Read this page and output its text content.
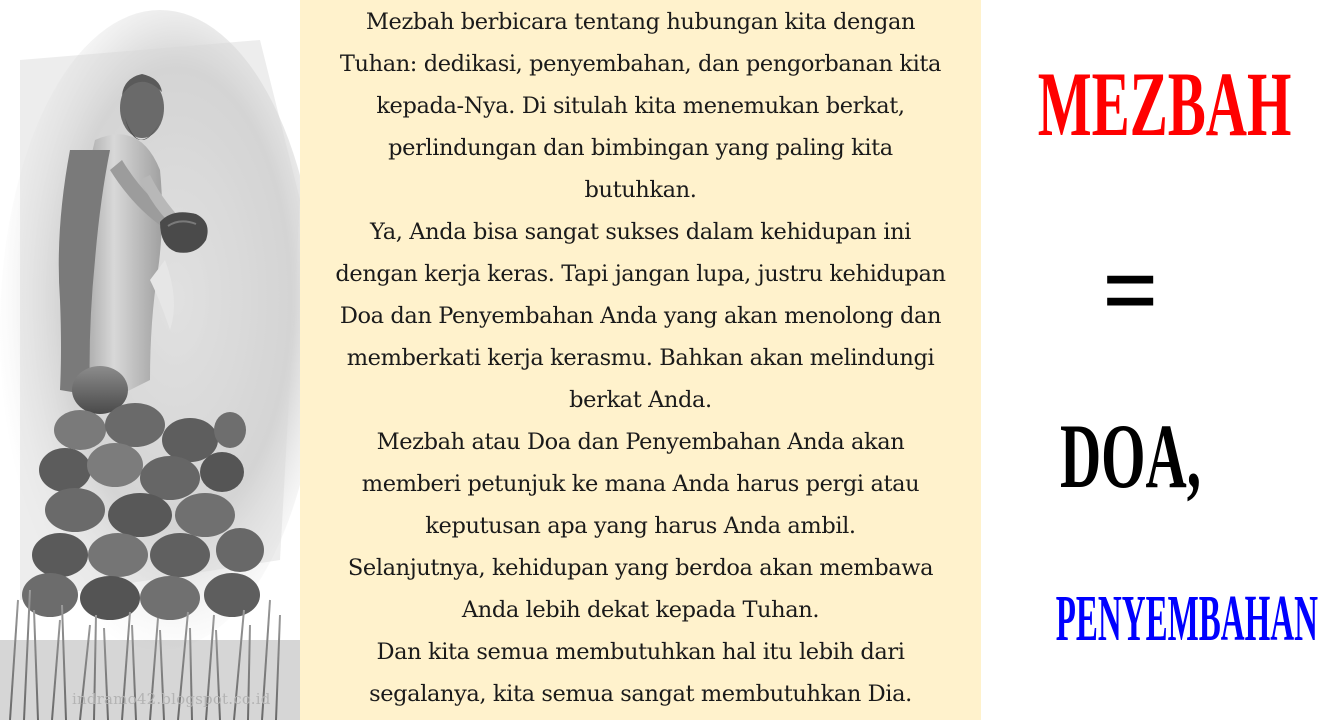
indramo42.blogspot.co.id
Mezbah berbicara tentang hubungan kita dengan
Tuhan: dedikasi, penyembahan, dan pengorbanan kita
kepada-Nya. Di situlah kita menemukan berkat,
perlindungan dan bimbingan yang paling kita
butuhkan.
Ya, Anda bisa sangat sukses dalam kehidupan ini
dengan kerja keras. Tapi jangan lupa, justru kehidupan
Doa dan Penyembahan Anda yang akan menolong dan
memberkati kerja kerasmu. Bahkan akan melindungi
berkat Anda.
Mezbah atau Doa dan Penyembahan Anda akan
memberi petunjuk ke mana Anda harus pergi atau
keputusan apa yang harus Anda ambil.
Selanjutnya, kehidupan yang berdoa akan membawa
Anda lebih dekat kepada Tuhan.
Dan kita semua membutuhkan hal itu lebih dari
segalanya, kita semua sangat membutuhkan Dia.
MEZBAH
=
DOA,
PENYEMBAHAN
